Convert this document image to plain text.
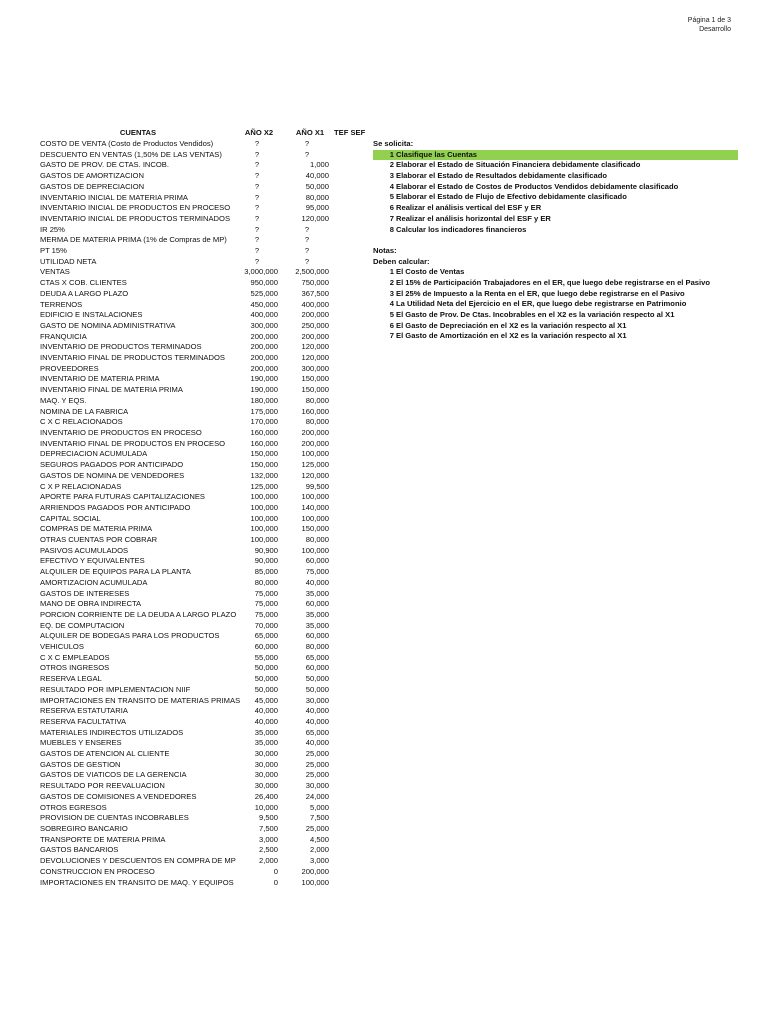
Página 1 de 3
Desarrollo
CUENTAS	AÑO X2	AÑO X1	TEF SEF
COSTO DE VENTA (Costo de Productos Vendidos)	?	?
DESCUENTO EN VENTAS (1,50% DE LAS VENTAS)	?	?
GASTO DE PROV. DE CTAS. INCOB.	?	1,000
GASTOS DE AMORTIZACION	?	40,000
GASTOS DE DEPRECIACION	?	50,000
INVENTARIO INICIAL DE MATERIA PRIMA	?	80,000
INVENTARIO INICIAL DE PRODUCTOS EN PROCESO	?	95,000
INVENTARIO INICIAL DE PRODUCTOS TERMINADOS	?	120,000
IR 25%	?	?
MERMA DE MATERIA PRIMA (1% de Compras de MP)	?	?
PT 15%	?	?
UTILIDAD NETA	?	?
VENTAS	3,000,000	2,500,000
CTAS X COB. CLIENTES	950,000	750,000
DEUDA A LARGO PLAZO	525,000	367,500
TERRENOS	450,000	400,000
EDIFICIO E INSTALACIONES	400,000	200,000
GASTO DE NOMINA ADMINISTRATIVA	300,000	250,000
FRANQUICIA	200,000	200,000
INVENTARIO DE PRODUCTOS TERMINADOS	200,000	120,000
INVENTARIO FINAL DE PRODUCTOS TERMINADOS	200,000	120,000
PROVEEDORES	200,000	300,000
INVENTARIO DE MATERIA PRIMA	190,000	150,000
INVENTARIO FINAL DE MATERIA PRIMA	190,000	150,000
MAQ. Y EQS.	180,000	80,000
NOMINA DE LA FABRICA	175,000	160,000
C X C RELACIONADOS	170,000	80,000
INVENTARIO DE PRODUCTOS EN PROCESO	160,000	200,000
INVENTARIO FINAL DE PRODUCTOS EN PROCESO	160,000	200,000
DEPRECIACION ACUMULADA	150,000	100,000
SEGUROS PAGADOS POR ANTICIPADO	150,000	125,000
GASTOS DE NOMINA DE VENDEDORES	132,000	120,000
C X P RELACIONADAS	125,000	99,500
APORTE PARA FUTURAS CAPITALIZACIONES	100,000	100,000
ARRIENDOS PAGADOS POR ANTICIPADO	100,000	140,000
CAPITAL SOCIAL	100,000	100,000
COMPRAS DE MATERIA PRIMA	100,000	150,000
OTRAS CUENTAS POR COBRAR	100,000	80,000
PASIVOS ACUMULADOS	90,900	100,000
EFECTIVO Y EQUIVALENTES	90,000	60,000
ALQUILER DE EQUIPOS PARA LA PLANTA	85,000	75,000
AMORTIZACION ACUMULADA	80,000	40,000
GASTOS DE INTERESES	75,000	35,000
MANO DE OBRA INDIRECTA	75,000	60,000
PORCION CORRIENTE DE LA DEUDA A LARGO PLAZO	75,000	35,000
EQ. DE COMPUTACION	70,000	35,000
ALQUILER DE BODEGAS PARA LOS PRODUCTOS	65,000	60,000
VEHICULOS	60,000	80,000
C X C EMPLEADOS	55,000	65,000
OTROS INGRESOS	50,000	60,000
RESERVA LEGAL	50,000	50,000
RESULTADO POR IMPLEMENTACION NIIF	50,000	50,000
IMPORTACIONES EN TRANSITO DE MATERIAS PRIMAS	45,000	30,000
RESERVA ESTATUTARIA	40,000	40,000
RESERVA FACULTATIVA	40,000	40,000
MATERIALES INDIRECTOS UTILIZADOS	35,000	65,000
MUEBLES Y ENSERES	35,000	40,000
GASTOS DE ATENCION AL CLIENTE	30,000	25,000
GASTOS DE GESTION	30,000	25,000
GASTOS DE VIATICOS DE LA GERENCIA	30,000	25,000
RESULTADO POR REEVALUACION	30,000	30,000
GASTOS DE COMISIONES A VENDEDORES	26,400	24,000
OTROS EGRESOS	10,000	5,000
PROVISION DE CUENTAS INCOBRABLES	9,500	7,500
SOBREGIRO BANCARIO	7,500	25,000
TRANSPORTE DE MATERIA PRIMA	3,000	4,500
GASTOS BANCARIOS	2,500	2,000
DEVOLUCIONES Y DESCUENTOS EN COMPRA DE MP	2,000	3,000
CONSTRUCCION EN PROCESO	0	200,000
IMPORTACIONES EN TRANSITO DE MAQ. Y EQUIPOS	0	100,000
Se solicita:
1 Clasifique las Cuentas
2 Elaborar el Estado de Situación Financiera debidamente clasificado
3 Elaborar el Estado de Resultados debidamente clasificado
4 Elaborar el Estado de Costos de Productos Vendidos debidamente clasificado
5 Elaborar el Estado de Flujo de Efectivo debidamente clasificado
6 Realizar el análisis vertical del ESF y ER
7 Realizar el análisis horizontal del ESF y ER
8 Calcular los indicadores financieros
Notas:
Deben calcular:
1 El Costo de Ventas
2 El 15% de Participación Trabajadores en el ER, que luego debe registrarse en el Pasivo
3 El 25% de Impuesto a la Renta en el ER, que luego debe registrarse en el Pasivo
4 La Utilidad Neta del Ejercicio en el ER, que luego debe registrarse en Patrimonio
5 El Gasto de Prov. De Ctas. Incobrables en el X2 es la variación respecto al X1
6 El Gasto de Depreciación en el X2 es la variación respecto al X1
7 El Gasto de Amortización en el X2 es la variación respecto al X1
